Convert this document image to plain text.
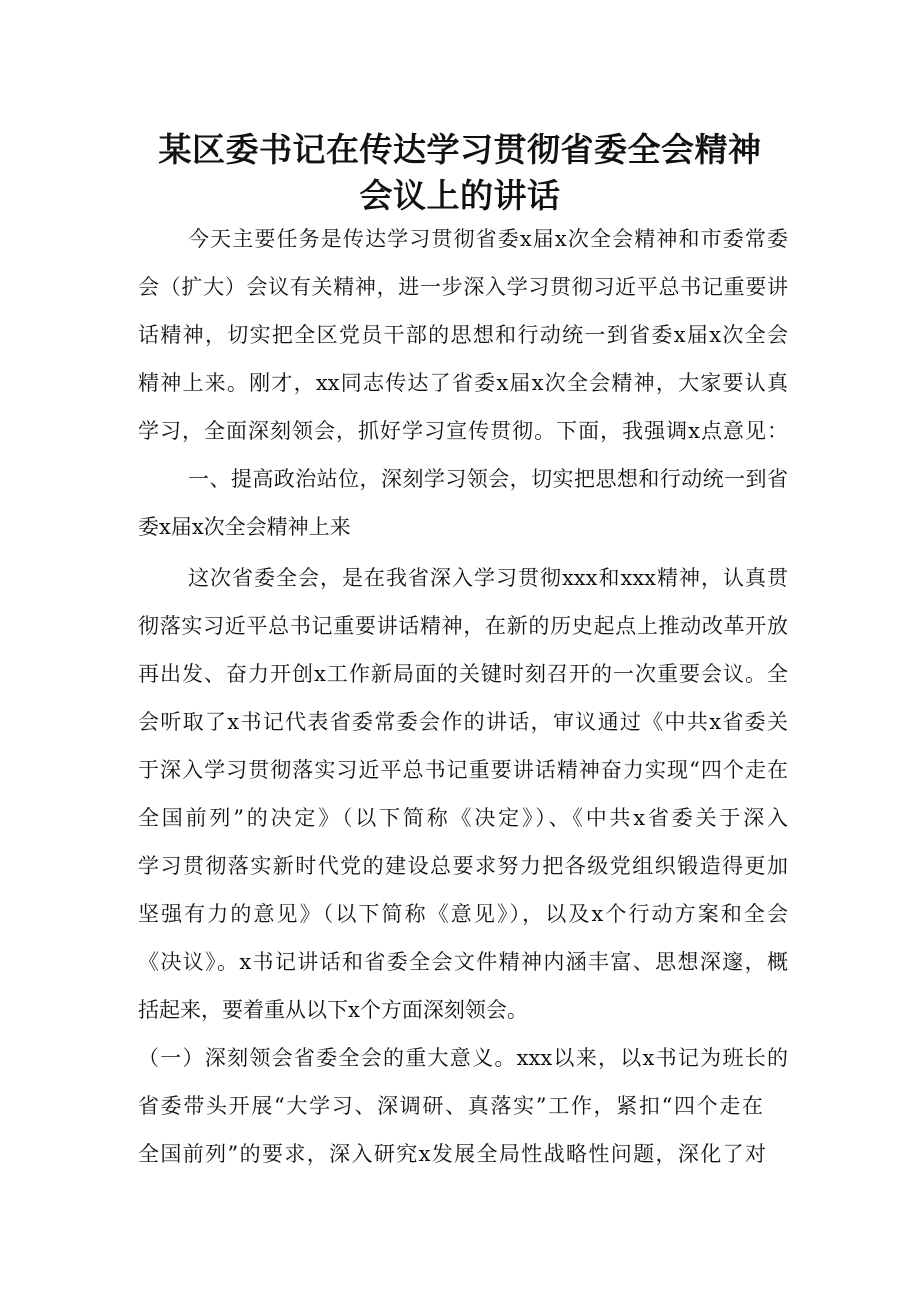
某区委书记在传达学习贯彻省委全会精神
会议上的讲话
今天主要任务是传达学习贯彻省委x届x次全会精神和市委常委
会（扩大）会议有关精神，进一步深入学习贯彻习近平总书记重要讲
话精神，切实把全区党员干部的思想和行动统一到省委x届x次全会
精神上来。刚才，xx同志传达了省委x届x次全会精神，大家要认真
学习，全面深刻领会，抓好学习宣传贯彻。下面，我强调x点意见：
一、提高政治站位，深刻学习领会，切实把思想和行动统一到省
委x届x次全会精神上来
这次省委全会，是在我省深入学习贯彻xxx和xxx精神，认真贯
彻落实习近平总书记重要讲话精神，在新的历史起点上推动改革开放
再出发、奋力开创x工作新局面的关键时刻召开的一次重要会议。全
会听取了x书记代表省委常委会作的讲话，审议通过《中共x省委关
于深入学习贯彻落实习近平总书记重要讲话精神奋力实现“四个走在
全国前列”的决定》（以下简称《决定》）、《中共x省委关于深入
学习贯彻落实新时代党的建设总要求努力把各级党组织锻造得更加
坚强有力的意见》（以下简称《意见》），以及x个行动方案和全会
《决议》。x书记讲话和省委全会文件精神内涵丰富、思想深邃，概
括起来，要着重从以下x个方面深刻领会。
（一）深刻领会省委全会的重大意义。xxx以来，以x书记为班长的
省委带头开展“大学习、深调研、真落实”工作，紧扣“四个走在
全国前列”的要求，深入研究x发展全局性战略性问题，深化了对
